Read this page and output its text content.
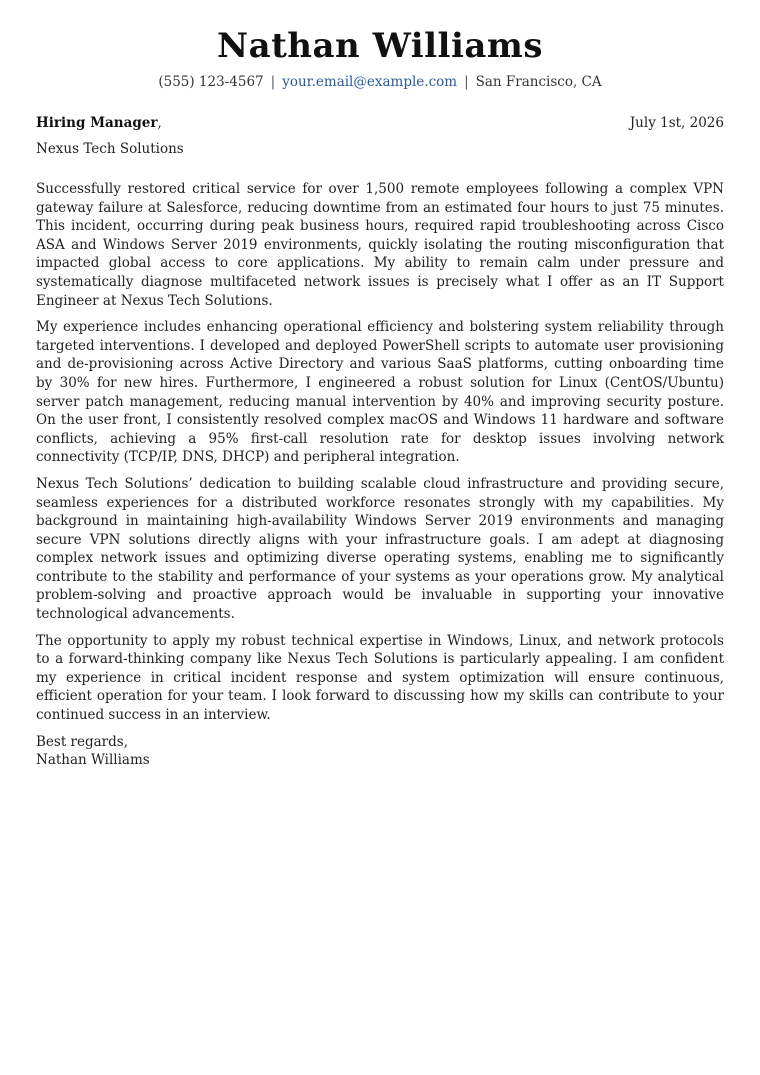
Nathan Williams
(555) 123-4567 | your.email@example.com | San Francisco, CA
Hiring Manager,	July 1st, 2026
Nexus Tech Solutions

Successfully restored critical service for over 1,500 remote employees following a complex VPN gateway failure at Salesforce, reducing downtime from an estimated four hours to just 75 minutes. This incident, occurring during peak business hours, required rapid troubleshooting across Cisco ASA and Windows Server 2019 environments, quickly isolating the routing misconfiguration that impacted global access to core applications. My ability to remain calm under pressure and systematically diagnose multifaceted network issues is precisely what I offer as an IT Support Engineer at Nexus Tech Solutions.

My experience includes enhancing operational efficiency and bolstering system reliability through targeted interventions. I developed and deployed PowerShell scripts to automate user provisioning and de-provisioning across Active Directory and various SaaS platforms, cutting onboarding time by 30% for new hires. Furthermore, I engineered a robust solution for Linux (CentOS/Ubuntu) server patch management, reducing manual intervention by 40% and improving security posture. On the user front, I consistently resolved complex macOS and Windows 11 hardware and software conflicts, achieving a 95% first-call resolution rate for desktop issues involving network connectivity (TCP/IP, DNS, DHCP) and peripheral integration.

Nexus Tech Solutions’ dedication to building scalable cloud infrastructure and providing secure, seamless experiences for a distributed workforce resonates strongly with my capabilities. My background in maintaining high-availability Windows Server 2019 environments and managing secure VPN solutions directly aligns with your infrastructure goals. I am adept at diagnosing complex network issues and optimizing diverse operating systems, enabling me to significantly contribute to the stability and performance of your systems as your operations grow. My analytical problem-solving and proactive approach would be invaluable in supporting your innovative technological advancements.

The opportunity to apply my robust technical expertise in Windows, Linux, and network protocols to a forward-thinking company like Nexus Tech Solutions is particularly appealing. I am confident my experience in critical incident response and system optimization will ensure continuous, efficient operation for your team. I look forward to discussing how my skills can contribute to your continued success in an interview.

Best regards,
Nathan Williams
